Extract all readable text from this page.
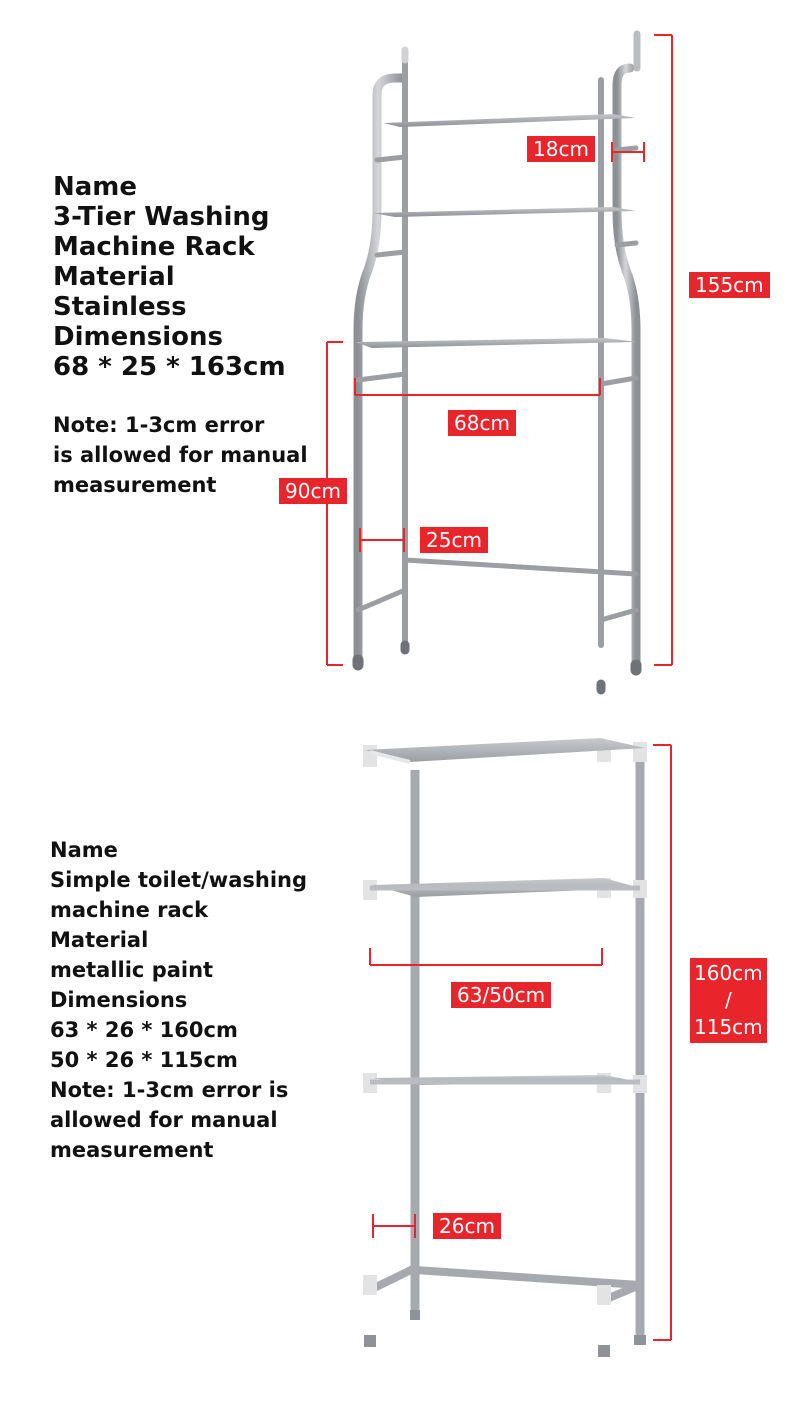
Name
3-Tier Washing
Machine Rack
Material
Stainless
Dimensions
68 * 25 * 163cm
Note: 1-3cm error
is allowed for manual
measurement
18cm
155cm
68cm
90cm
25cm
Name
Simple toilet/washing
machine rack
Material
metallic paint
Dimensions
63 * 26 * 160cm
50 * 26 * 115cm
Note: 1-3cm error is
allowed for manual
measurement
63/50cm
160cm
/
115cm
26cm
